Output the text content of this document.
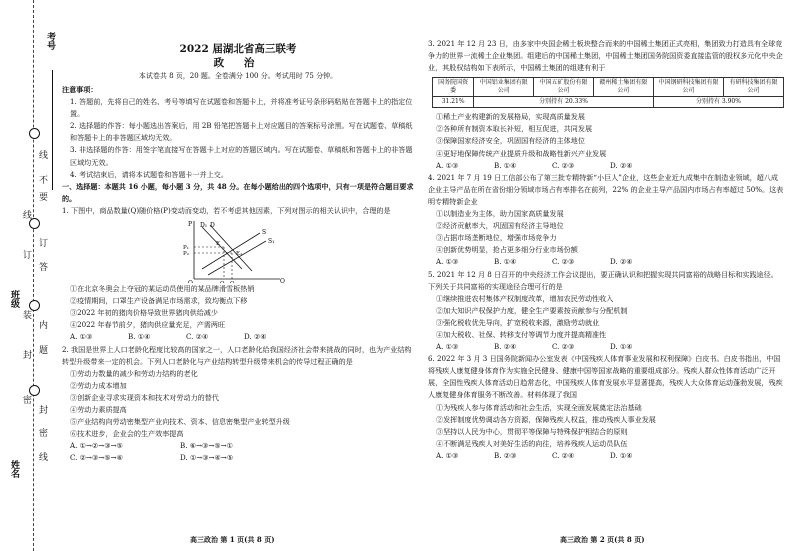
考号
班级
姓名
线
不
要
订
答
内
题
封
密
线
线
订
装
封
密
2022 届湖北省高三联考
政 治
本试卷共 8 页，20 题。全卷满分 100 分。考试用时 75 分钟。

注意事项：

1. 答题前，先将自己的姓名、考号等填写在试题卷和答题卡上，并将准考证号条形码粘贴在答题卡上的指定位置。

2. 选择题的作答：每小题选出答案后，用 2B 铅笔把答题卡上对应题目的答案标号涂黑。写在试题卷、草稿纸和答题卡上的非答题区域均无效。

3. 非选择题的作答：用签字笔直接写在答题卡上对应的答题区域内。写在试题卷、草稿纸和答题卡上的非答题区域均无效。

4. 考试结束后，请将本试题卷和答题卡一并上交。

一、选择题：本题共 16 小题，每小题 3 分，共 48 分。在每小题给出的四个选项中，只有一项是符合题目要求的。

1. 下图中，商品数量(Q)随价格(P)变动而变动，若不考虑其他因素，下列对图示的相关认识中，合理的是

P D₁ D
S
S₁
E
E₁
P₁
P₂
Q

①在北京冬奥会上夺冠的某运动员使用的某品牌滑雪板热销

②疫情期间，口罩生产设备满足市场需求，致均衡点下移

③2022 年初的猪肉价格导致世界猪肉供给减少

④2022 年春节前夕，猪肉供应量充足，产需两旺

A. ①③	B. ①④	C. ②④	D. ②④

2. 我国是世界上人口老龄化程度比较高的国家之一，人口老龄化给我国经济社会带来挑战的同时，也为产业结构转型升级带来一定的机会。下列人口老龄化与产业结构转型升级带来机会的传导过程正确的是

①劳动力数量的减少和劳动力结构的老化

②劳动力成本增加

③创新企业寻求实现资本和技术对劳动力的替代

④劳动力素质提高

⑤产业结构向劳动密集型产业向技术、资本、信息密集型产业转型升级

⑥技术进步，企业会的生产效率提高

A. ①→②→③→⑤	B. ⑥→③→⑤→①
C. ②→③→⑤→⑥	D. ①→③→④→⑤
高三政治 第 1 页(共 8 页)

3. 2021 年 12 月 23 日，由多家中央国企稀土板块整合而来的中国稀土集团正式亮相，集团致力打造具有全球竞争力的世界一流稀土企业集团。组建后的中国稀土集团，中国稀土集团国务院国资委直接监管的股权多元化中央企业，其股权结构如下表所示，中国稀土集团的组建有利于

国务院国资委	中国铝业集团有限公司	中国五矿股份有限公司	赣州稀土集团有限公司	中国钢研科技集团有限公司	有研科技集团有限公司
31.21%	分别持有 20.33%			分别持有 3.90%	

①稀土产业构建新的发展格局，实现高质量发展

②各种所有制资本取长补短，相互促进，共同发展

③保障国家经济安全，巩固国有经济的主体地位

④更好地保障传统产业提质升级和战略性新兴产业发展

A. ①③	B. ①④	C. ②③	D. ②④

4. 2021 年 7 月 19 日工信部公布了第三批专精特新“小巨人”企业，这些企业近九成集中在制造业领域，超八成企业主导产品在所在省份细分领域市场占有率排名在前列，22% 的企业主导产品国内市场占有率超过 50%。这表明专精特新企业

①以制造业为主体，助力国家高质量发展

②经济贡献率大，巩固国有经济主导地位

③占据市场垄断地位，增强市场竞争力

④创新优势明显，抢占更多细分行业市场份额

A. ①③	B. ①④	C. ②③	D. ②④

5. 2021 年 12 月 8 日召开的中央经济工作会议提出，要正确认识和把握实现共同富裕的战略目标和实践途径。下列关于共同富裕的实现途径合理可行的是

①继续推进农村集体产权制度改革，增加农民劳动性收入

②加大知识产权保护力度，健全生产要素按贡献参与分配机制

③强化税收优先导向，扩宽税收来源，激励劳动就业

④加大税收、社保、转移支付等调节力度并提高精准性

A. ①③	B. ②④	C. ②③	D. ①④

6. 2022 年 3 月 3 日国务院新闻办公室发表《中国残疾人体育事业发展和权利保障》白皮书。白皮书指出，中国将残疾人康复健身体育作为实施全民健身、健康中国等国家战略的重要组成部分。残疾人群众性体育活动广泛开展，全国性残疾人体育活动日趋常态化，中国残疾人体育发展水平显著提高，残疾人大众体育运动蓬勃发展，残疾人康复健身体育服务不断改善。材料体现了我国

①为残疾人参与体育活动和社会生活，实现全面发展奠定法治基础

②发挥制度优势调动各方资源，保障残疾人权益，推动残疾人事业发展

③坚持以人民为中心，贯彻平等保障与特殊保护相结合的原则

④不断满足残疾人对美好生活的向往，培养残疾人运动员队伍

A. ①③	B. ②③	C. ②④	D. ①④
高三政治 第 2 页(共 8 页)
